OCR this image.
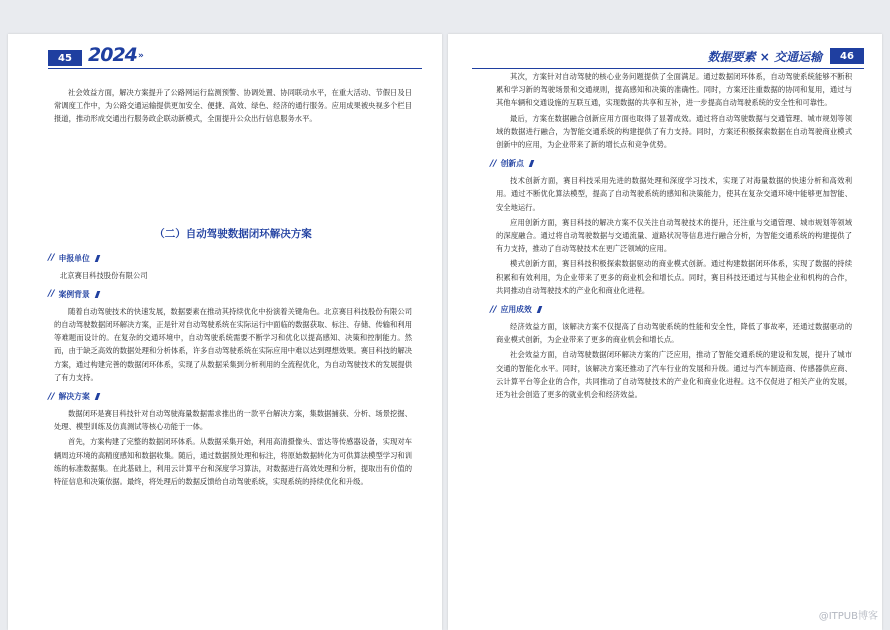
45 2024 »

社会效益方面，解决方案提升了公路网运行监测预警、协调处置、协同联动水平，在重大活动、节假日及日常调度工作中，为公路交通运输提供更加安全、便捷、高效、绿色、经济的通行服务。应用成果被央视多个栏目报道，推动形成交通出行服务政企联动新模式，全面提升公众出行信息服务水平。

（二）自动驾驶数据闭环解决方案
// 申报单位

北京赛目科技股份有限公司

// 案例背景

随着自动驾驶技术的快速发展，数据要素在推动其持续优化中扮演着关键角色。北京赛目科技股份有限公司的自动驾驶数据闭环解决方案，正是针对自动驾驶系统在实际运行中面临的数据获取、标注、存储、传输和利用等难题而设计的。在复杂的交通环境中，自动驾驶系统需要不断学习和优化以提高感知、决策和控制能力。然而，由于缺乏高效的数据处理和分析体系，许多自动驾驶系统在实际应用中难以达到理想效果。赛目科技的解决方案，通过构建完善的数据闭环体系，实现了从数据采集到分析利用的全流程优化，为自动驾驶技术的发展提供了有力支持。

// 解决方案

数据闭环是赛目科技针对自动驾驶海量数据需求推出的一款平台解决方案，集数据捕获、分析、场景挖掘、处理、模型训练及仿真测试等核心功能于一体。

首先，方案构建了完整的数据闭环体系。从数据采集开始，利用高清摄像头、雷达等传感器设备，实现对车辆周边环境的高精度感知和数据收集。随后，通过数据预处理和标注，将原始数据转化为可供算法模型学习和训练的标准数据集。在此基础上，利用云计算平台和深度学习算法，对数据进行高效处理和分析，提取出有价值的特征信息和决策依据。最终，将处理后的数据反馈给自动驾驶系统，实现系统的持续优化和升级。

数据要素 × 交通运输	46

其次，方案针对自动驾驶的核心业务问题提供了全面满足。通过数据闭环体系，自动驾驶系统能够不断积累和学习新的驾驶场景和交通规则，提高感知和决策的准确性。同时，方案还注重数据的协同和复用，通过与其他车辆和交通设施的互联互通，实现数据的共享和互补，进一步提高自动驾驶系统的安全性和可靠性。

最后，方案在数据融合创新应用方面也取得了显著成效。通过将自动驾驶数据与交通管理、城市规划等领域的数据进行融合，为智能交通系统的构建提供了有力支持。同时，方案还积极探索数据在自动驾驶商业模式创新中的应用，为企业带来了新的增长点和竞争优势。

// 创新点

技术创新方面，赛目科技采用先进的数据处理和深度学习技术，实现了对海量数据的快速分析和高效利用。通过不断优化算法模型，提高了自动驾驶系统的感知和决策能力，使其在复杂交通环境中能够更加智能、安全地运行。

应用创新方面，赛目科技的解决方案不仅关注自动驾驶技术的提升，还注重与交通管理、城市规划等领域的深度融合。通过将自动驾驶数据与交通流量、道路状况等信息进行融合分析，为智能交通系统的构建提供了有力支持，推动了自动驾驶技术在更广泛领域的应用。

模式创新方面，赛目科技积极探索数据驱动的商业模式创新。通过构建数据闭环体系，实现了数据的持续积累和有效利用，为企业带来了更多的商业机会和增长点。同时，赛目科技还通过与其他企业和机构的合作，共同推动自动驾驶技术的产业化和商业化进程。

// 应用成效

经济效益方面，该解决方案不仅提高了自动驾驶系统的性能和安全性，降低了事故率，还通过数据驱动的商业模式创新，为企业带来了更多的商业机会和增长点。

社会效益方面，自动驾驶数据闭环解决方案的广泛应用，推动了智能交通系统的建设和发展，提升了城市交通的智能化水平。同时，该解决方案还推动了汽车行业的发展和升级。通过与汽车制造商、传感器供应商、云计算平台等企业的合作，共同推动了自动驾驶技术的产业化和商业化进程。这不仅促进了相关产业的发展，还为社会创造了更多的就业机会和经济效益。

@ITPUB博客
